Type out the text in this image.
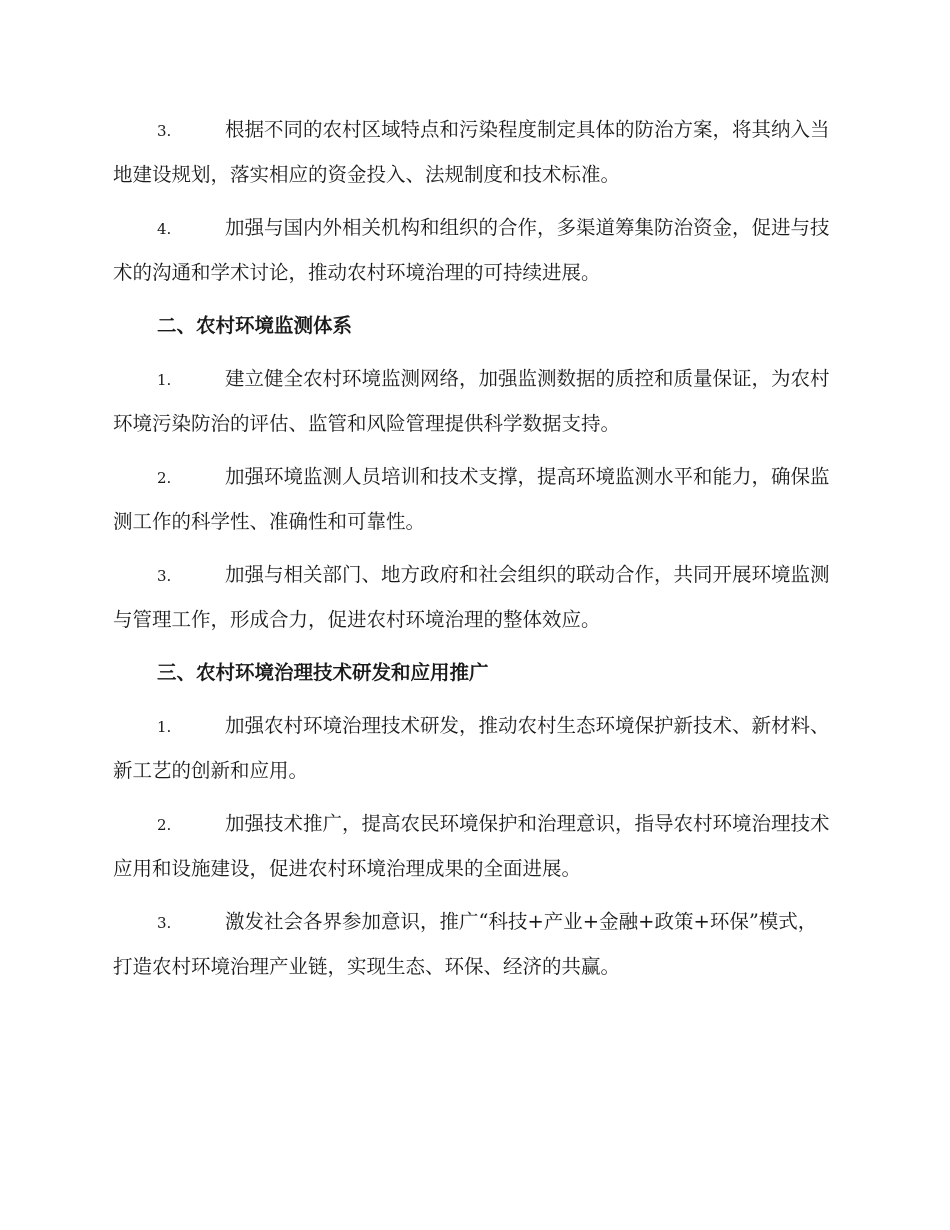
3.	根据不同的农村区域特点和污染程度制定具体的防治方案，将其纳入当地建设规划，落实相应的资金投入、法规制度和技术标准。

4.	加强与国内外相关机构和组织的合作，多渠道筹集防治资金，促进与技术的沟通和学术讨论，推动农村环境治理的可持续进展。

二、农村环境监测体系

1.	建立健全农村环境监测网络，加强监测数据的质控和质量保证，为农村环境污染防治的评估、监管和风险管理提供科学数据支持。

2.	加强环境监测人员培训和技术支撑，提高环境监测水平和能力，确保监测工作的科学性、准确性和可靠性。

3.	加强与相关部门、地方政府和社会组织的联动合作，共同开展环境监测与管理工作，形成合力，促进农村环境治理的整体效应。

三、农村环境治理技术研发和应用推广

1.	加强农村环境治理技术研发，推动农村生态环境保护新技术、新材料、新工艺的创新和应用。

2.	加强技术推广，提高农民环境保护和治理意识，指导农村环境治理技术应用和设施建设，促进农村环境治理成果的全面进展。

3.	激发社会各界参加意识，推广“科技+产业+金融+政策+环保”模式，打造农村环境治理产业链，实现生态、环保、经济的共赢。
